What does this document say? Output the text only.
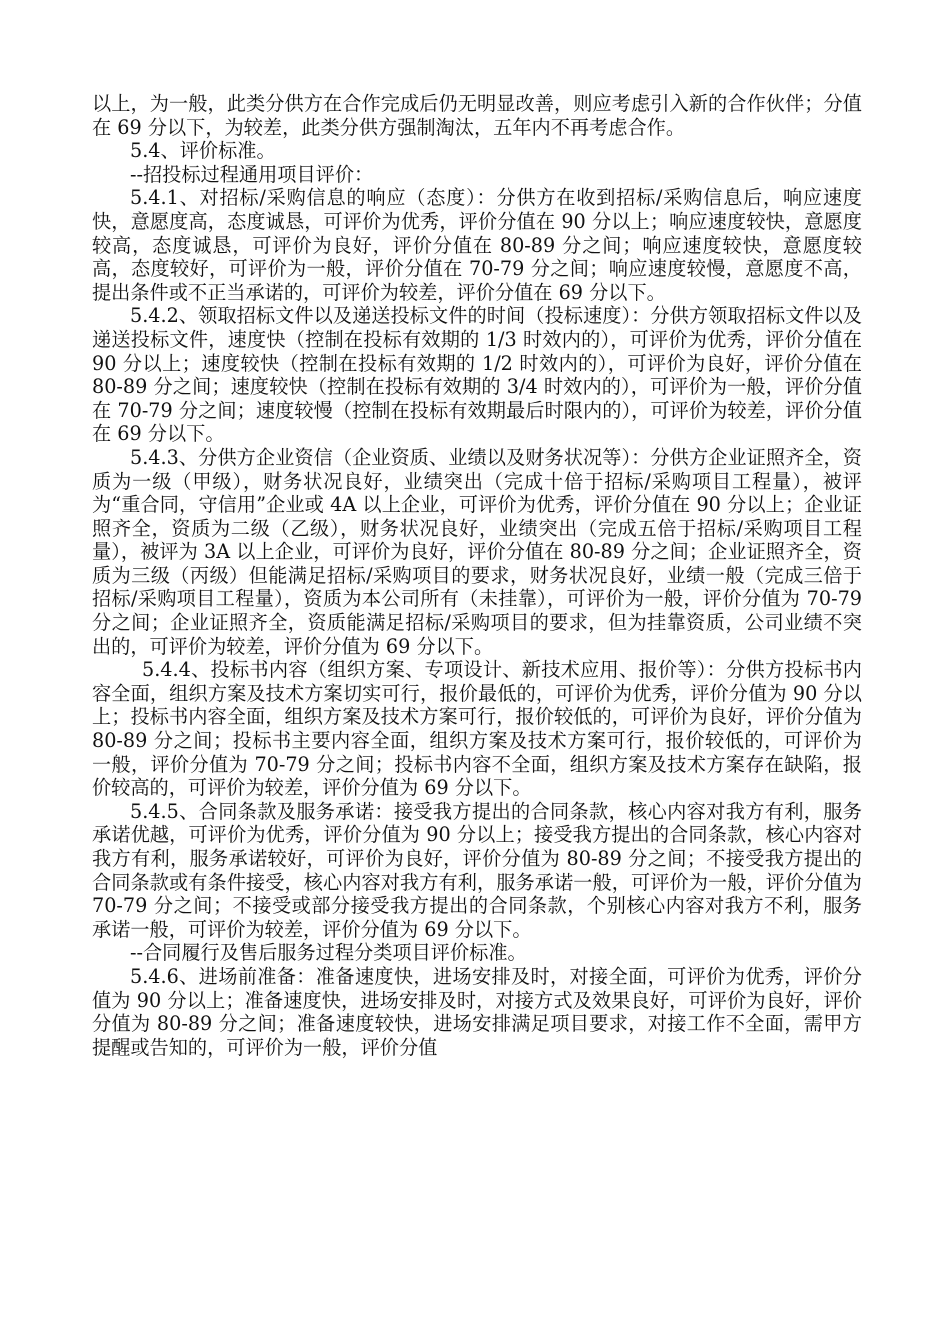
以上，为一般，此类分供方在合作完成后仍无明显改善，则应考虑引入新的合作伙伴；分值在 69 分以下，为较差，此类分供方强制淘汰，五年内不再考虑合作。

5.4、评价标准。

--招投标过程通用项目评价：

5.4.1、对招标/采购信息的响应（态度）：分供方在收到招标/采购信息后，响应速度快，意愿度高，态度诚恳，可评价为优秀，评价分值在 90 分以上；响应速度较快，意愿度较高，态度诚恳，可评价为良好，评价分值在 80-89 分之间；响应速度较快，意愿度较高，态度较好，可评价为一般，评价分值在 70-79 分之间；响应速度较慢，意愿度不高，提出条件或不正当承诺的，可评价为较差，评价分值在 69 分以下。

5.4.2、领取招标文件以及递送投标文件的时间（投标速度）：分供方领取招标文件以及递送投标文件，速度快（控制在投标有效期的 1/3 时效内的），可评价为优秀，评价分值在 90 分以上；速度较快（控制在投标有效期的 1/2 时效内的），可评价为良好，评价分值在 80-89 分之间；速度较快（控制在投标有效期的 3/4 时效内的），可评价为一般，评价分值在 70-79 分之间；速度较慢（控制在投标有效期最后时限内的），可评价为较差，评价分值在 69 分以下。

5.4.3、分供方企业资信（企业资质、业绩以及财务状况等）：分供方企业证照齐全，资质为一级（甲级），财务状况良好，业绩突出（完成十倍于招标/采购项目工程量），被评为“重合同，守信用”企业或 4A 以上企业，可评价为优秀，评价分值在 90 分以上；企业证照齐全，资质为二级（乙级），财务状况良好，业绩突出（完成五倍于招标/采购项目工程量），被评为 3A 以上企业，可评价为良好，评价分值在 80-89 分之间；企业证照齐全，资质为三级（丙级）但能满足招标/采购项目的要求，财务状况良好，业绩一般（完成三倍于招标/采购项目工程量），资质为本公司所有（未挂靠），可评价为一般，评价分值为 70-79 分之间；企业证照齐全，资质能满足招标/采购项目的要求，但为挂靠资质，公司业绩不突出的，可评价为较差，评价分值为 69 分以下。

5.4.4、投标书内容（组织方案、专项设计、新技术应用、报价等）：分供方投标书内容全面，组织方案及技术方案切实可行，报价最低的，可评价为优秀，评价分值为 90 分以上；投标书内容全面，组织方案及技术方案可行，报价较低的，可评价为良好，评价分值为 80-89 分之间；投标书主要内容全面，组织方案及技术方案可行，报价较低的，可评价为一般，评价分值为 70-79 分之间；投标书内容不全面，组织方案及技术方案存在缺陷，报价较高的，可评价为较差，评价分值为 69 分以下。

5.4.5、合同条款及服务承诺：接受我方提出的合同条款，核心内容对我方有利，服务承诺优越，可评价为优秀，评价分值为 90 分以上；接受我方提出的合同条款，核心内容对我方有利，服务承诺较好，可评价为良好，评价分值为 80-89 分之间；不接受我方提出的合同条款或有条件接受，核心内容对我方有利，服务承诺一般，可评价为一般，评价分值为 70-79 分之间；不接受或部分接受我方提出的合同条款，个别核心内容对我方不利，服务承诺一般，可评价为较差，评价分值为 69 分以下。

--合同履行及售后服务过程分类项目评价标准。

5.4.6、进场前准备：准备速度快，进场安排及时，对接全面，可评价为优秀，评价分值为 90 分以上；准备速度快，进场安排及时，对接方式及效果良好，可评价为良好，评价分值为 80-89 分之间；准备速度较快，进场安排满足项目要求，对接工作不全面，需甲方提醒或告知的，可评价为一般，评价分值
